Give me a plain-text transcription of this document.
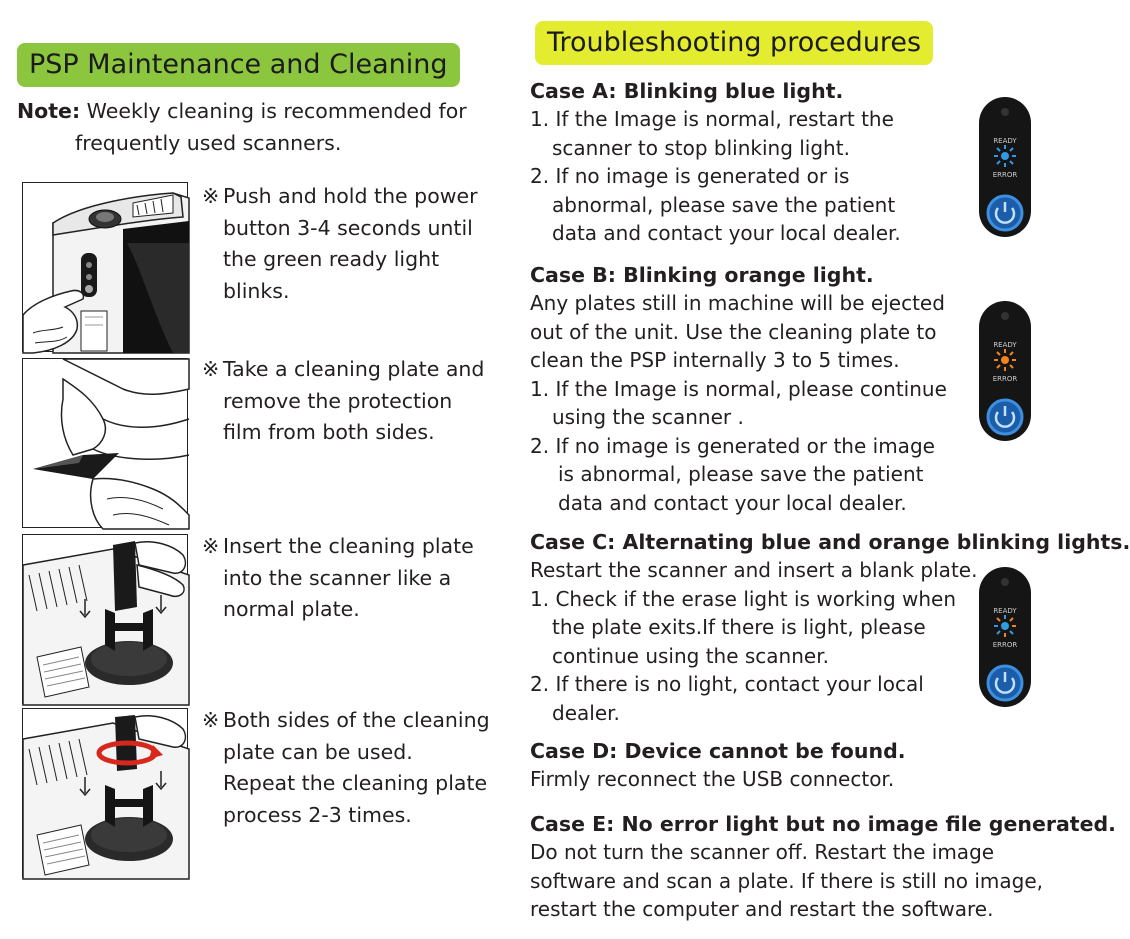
PSP Maintenance and Cleaning
Note: Weekly cleaning is recommended for
frequently used scanners.
※ Push and hold the power
button 3-4 seconds until
the green ready light blinks.
※ Take a cleaning plate and
remove the protection
film from both sides.
※ Insert the cleaning plate
into the scanner like a
normal plate.
※ Both sides of the cleaning
plate can be used.
Repeat the cleaning plate
process 2-3 times.
Troubleshooting procedures
Case A: Blinking blue light.

1. If the Image is normal, restart the

scanner to stop blinking light.

2. If no image is generated or is

abnormal, please save the patient

data and contact your local dealer.

Case B: Blinking orange light.

Any plates still in machine will be ejected

out of the unit. Use the cleaning plate to

clean the PSP internally 3 to 5 times.

1. If the Image is normal, please continue

using the scanner .

2. If no image is generated or the image

is abnormal, please save the patient

data and contact your local dealer.

Case C: Alternating blue and orange blinking lights.

Restart the scanner and insert a blank plate.

1. Check if the erase light is working when

the plate exits.If there is light, please

continue using the scanner.

2. If there is no light, contact your local

dealer.

Case D: Device cannot be found.

Firmly reconnect the USB connector.

Case E: No error light but no image file generated.

Do not turn the scanner off. Restart the image

software and scan a plate. If there is still no image,

restart the computer and restart the software.

READY
ERROR
READY
ERROR
READY
ERROR
